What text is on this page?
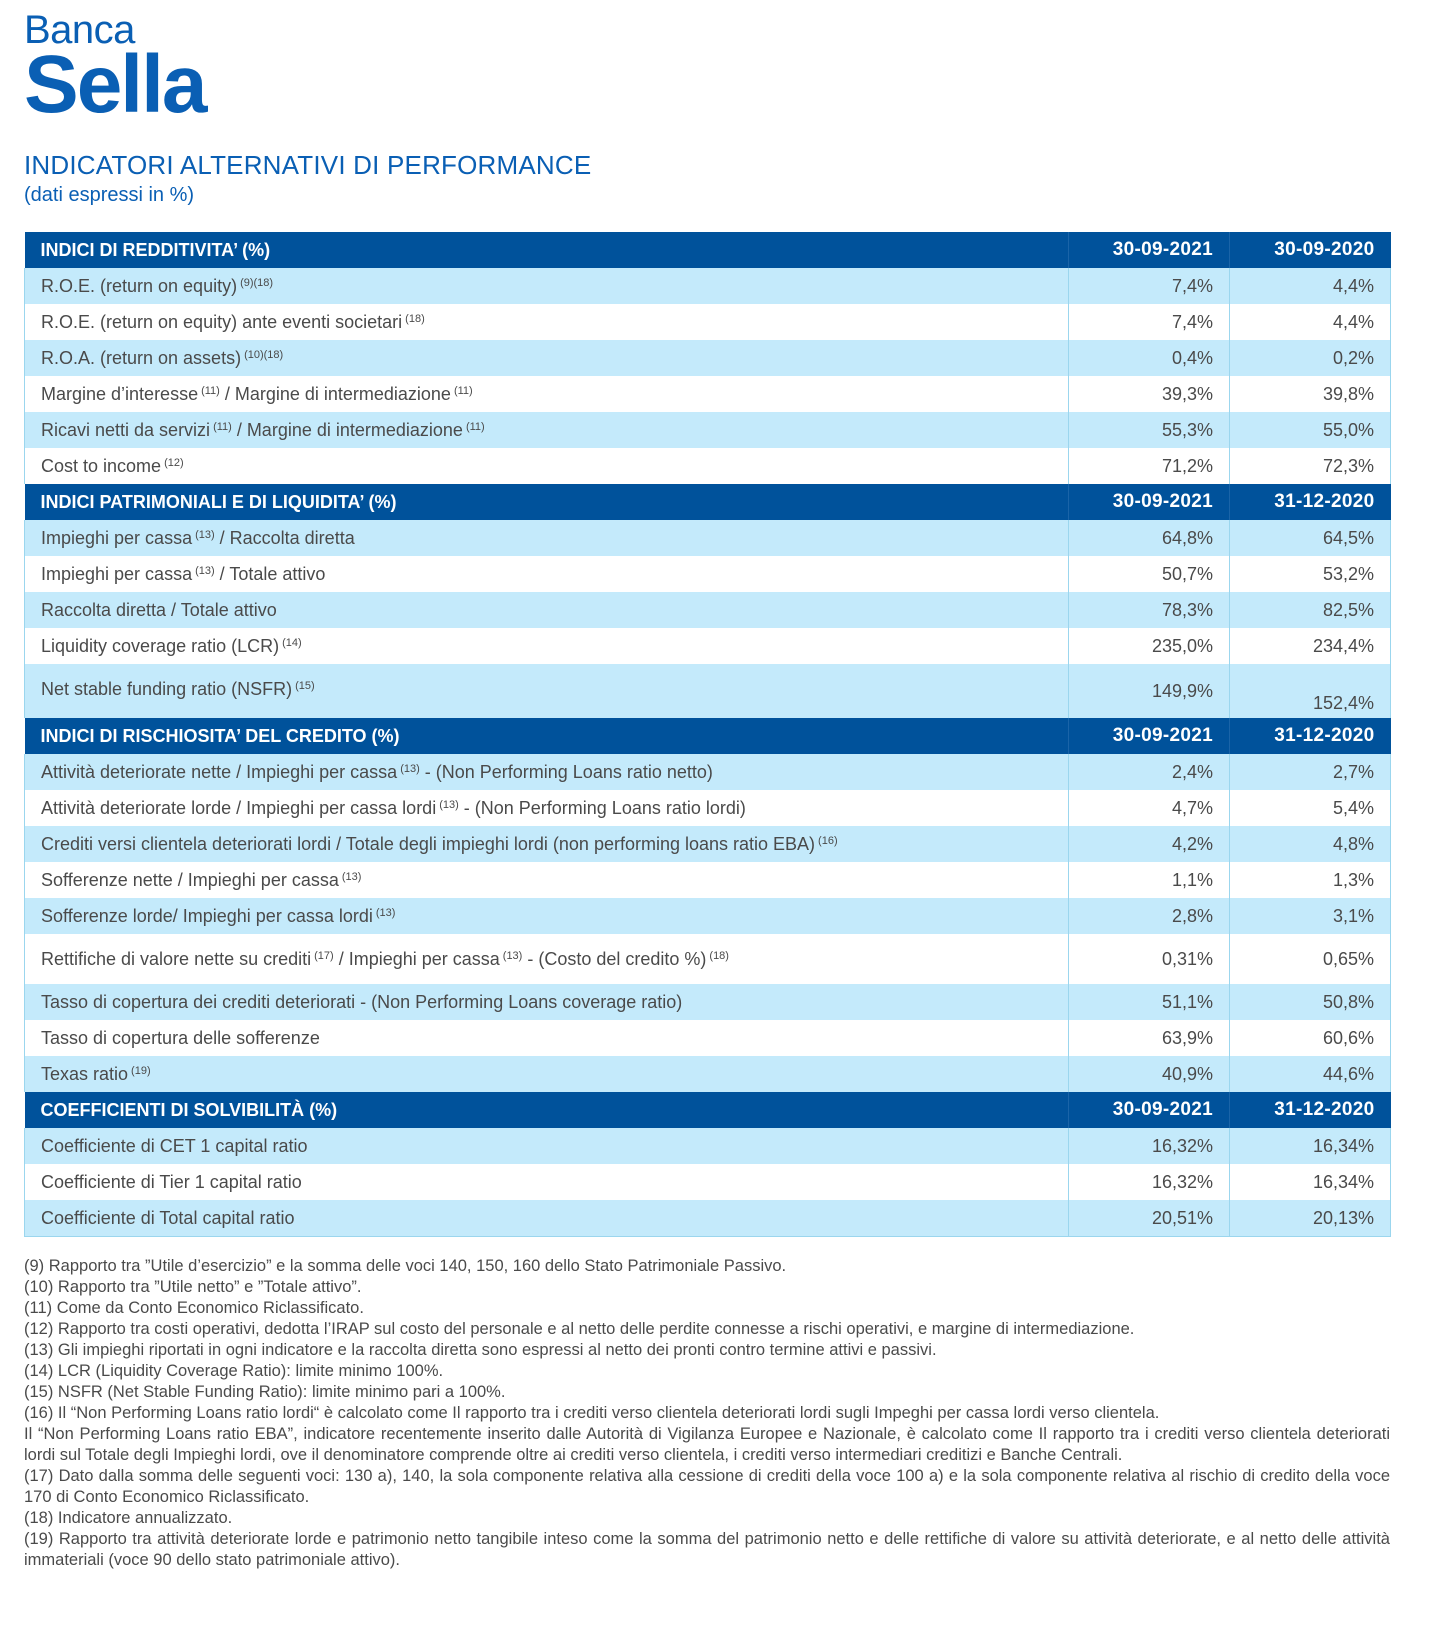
Banca
Sella
INDICATORI ALTERNATIVI DI PERFORMANCE
(dati espressi in %)
INDICI DI REDDITIVITA’ (%)	30-09-2021	30-09-2020
R.O.E. (return on equity) $^{(9)(18)}$	7,4%	4,4%
R.O.E. (return on equity) ante eventi societari $^{(18)}$	7,4%	4,4%
R.O.A. (return on assets) $^{(10)(18)}$	0,4%	0,2%
Margine d’interesse $^{(11)}$ / Margine di intermediazione $^{(11)}$	39,3%	39,8%
Ricavi netti da servizi $^{(11)}$ / Margine di intermediazione $^{(11)}$	55,3%	55,0%
Cost to income $^{(12)}$	71,2%	72,3%
INDICI PATRIMONIALI E DI LIQUIDITA’ (%)	30-09-2021	31-12-2020
Impieghi per cassa $^{(13)}$ / Raccolta diretta	64,8%	64,5%
Impieghi per cassa $^{(13)}$ / Totale attivo	50,7%	53,2%
Raccolta diretta / Totale attivo	78,3%	82,5%
Liquidity coverage ratio (LCR) $^{(14)}$	235,0%	234,4%
Net stable funding ratio (NSFR) $^{(15)}$	149,9%	152,4%
INDICI DI RISCHIOSITA’ DEL CREDITO (%)	30-09-2021	31-12-2020
Attività deteriorate nette / Impieghi per cassa $^{(13)}$ - (Non Performing Loans ratio netto)	2,4%	2,7%
Attività deteriorate lorde / Impieghi per cassa lordi $^{(13)}$ - (Non Performing Loans ratio lordi)	4,7%	5,4%
Crediti versi clientela deteriorati lordi / Totale degli impieghi lordi (non performing loans ratio EBA) $^{(16)}$	4,2%	4,8%
Sofferenze nette / Impieghi per cassa $^{(13)}$	1,1%	1,3%
Sofferenze lorde/ Impieghi per cassa lordi $^{(13)}$	2,8%	3,1%
Rettifiche di valore nette su crediti $^{(17)}$ / Impieghi per cassa $^{(13)}$ - (Costo del credito %) $^{(18)}$	0,31%	0,65%
Tasso di copertura dei crediti deteriorati - (Non Performing Loans coverage ratio)	51,1%	50,8%
Tasso di copertura delle sofferenze	63,9%	60,6%
Texas ratio $^{(19)}$	40,9%	44,6%
COEFFICIENTI DI SOLVIBILITÀ (%)	30-09-2021	31-12-2020
Coefficiente di CET 1 capital ratio	16,32%	16,34%
Coefficiente di Tier 1 capital ratio	16,32%	16,34%
Coefficiente di Total capital ratio	20,51%	20,13%

(9) Rapporto tra ”Utile d’esercizio” e la somma delle voci 140, 150, 160 dello Stato Patrimoniale Passivo.

(10) Rapporto tra ”Utile netto” e ”Totale attivo”.

(11) Come da Conto Economico Riclassificato.

(12) Rapporto tra costi operativi, dedotta l’IRAP sul costo del personale e al netto delle perdite connesse a rischi operativi, e margine di intermediazione.

(13) Gli impieghi riportati in ogni indicatore e la raccolta diretta sono espressi al netto dei pronti contro termine attivi e passivi.

(14) LCR (Liquidity Coverage Ratio): limite minimo 100%.

(15) NSFR (Net Stable Funding Ratio): limite minimo pari a 100%.

(16) Il “Non Performing Loans ratio lordi“ è calcolato come Il rapporto tra i crediti verso clientela deteriorati lordi sugli Impeghi per cassa lordi verso clientela.

Il “Non Performing Loans ratio EBA”, indicatore recentemente inserito dalle Autorità di Vigilanza Europee e Nazionale, è calcolato come Il rapporto tra i crediti verso clientela deteriorati lordi sul Totale degli Impieghi lordi, ove il denominatore comprende oltre ai crediti verso clientela, i crediti verso intermediari creditizi e Banche Centrali.

(17) Dato dalla somma delle seguenti voci: 130 a), 140, la sola componente relativa alla cessione di crediti della voce 100 a) e la sola componente relativa al rischio di credito della voce 170 di Conto Economico Riclassificato.

(18) Indicatore annualizzato.

(19) Rapporto tra attività deteriorate lorde e patrimonio netto tangibile inteso come la somma del patrimonio netto e delle rettifiche di valore su attività deteriorate, e al netto delle attività immateriali (voce 90 dello stato patrimoniale attivo).
